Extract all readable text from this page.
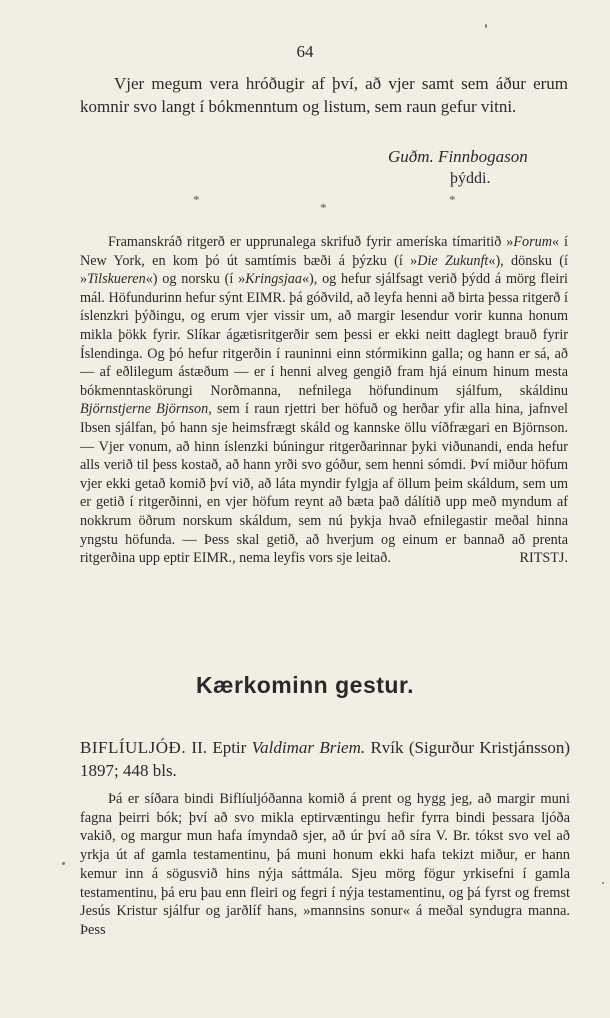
64

Vjer megum vera hróðugir af því, að vjer samt sem áður erum komnir svo langt í bókmenntum og listum, sem raun gefur vitni.

Guðm. Finnbogason
þýddi.
*
*
*

Framanskráð ritgerð er upprunalega skrifuð fyrir ameríska tímaritið »Forum« í New York, en kom þó út samtímis bæði á þýzku (í »Die Zukunft«), dönsku (í »Tilskueren«) og norsku (í »Kringsjaa«), og hefur sjálfsagt verið þýdd á mörg fleiri mál. Höfundurinn hefur sýnt EIMR. þá góðvild, að leyfa henni að birta þessa ritgerð í íslenzkri þýðingu, og erum vjer vissir um, að margir lesendur vorir kunna honum mikla þökk fyrir. Slíkar ágætisritgerðir sem þessi er ekki neitt daglegt brauð fyrir Íslendinga. Og þó hefur ritgerðin í rauninni einn stórmikinn galla; og hann er sá, að — af eðlilegum ástæðum — er í henni alveg gengið fram hjá einum hinum mesta bókmenntaskörungi Norðmanna, nefnilega höfundinum sjálfum, skáldinu Björnstjerne Björnson, sem í raun rjettri ber höfuð og herðar yfir alla hina, jafnvel Ibsen sjálfan, þó hann sje heimsfrægt skáld og kannske öllu víðfrægari en Björnson. — Vjer vonum, að hinn íslenzki búningur ritgerðarinnar þyki viðunandi, enda hefur alls verið til þess kostað, að hann yrði svo góður, sem henni sómdi. Því miður höfum vjer ekki getað komið því við, að láta myndir fylgja af öllum þeim skáldum, sem um er getið í ritgerðinni, en vjer höfum reynt að bæta það dálítið upp með myndum af nokkrum öðrum norskum skáldum, sem nú þykja hvað efnilegastir meðal hinna yngstu höfunda. — Þess skal getið, að hverjum og einum er bannað að prenta ritgerðina upp eptir EIMR., nema leyfis vors sje leitað.	RITSTJ.

Kærkominn gestur.
BIFLÍULJÓÐ. II. Eptir Valdimar Briem. Rvík (Sigurður Kristjánsson) 1897; 448 bls.

Þá er síðara bindi Biflíuljóðanna komið á prent og hygg jeg, að margir muni fagna þeirri bók; því að svo mikla eptirvæntingu hefir fyrra bindi þessara ljóða vakið, og margur mun hafa ímyndað sjer, að úr því að síra V. Br. tókst svo vel að yrkja út af gamla testamentinu, þá muni honum ekki hafa tekizt miður, er hann kemur inn á sögusvið hins nýja sáttmála. Sjeu mörg fögur yrkisefni í gamla testamentinu, þá eru þau enn fleiri og fegri í nýja testamentinu, og þá fyrst og fremst Jesús Kristur sjálfur og jarðlíf hans, »mannsins sonur« á meðal syndugra manna. Þess
